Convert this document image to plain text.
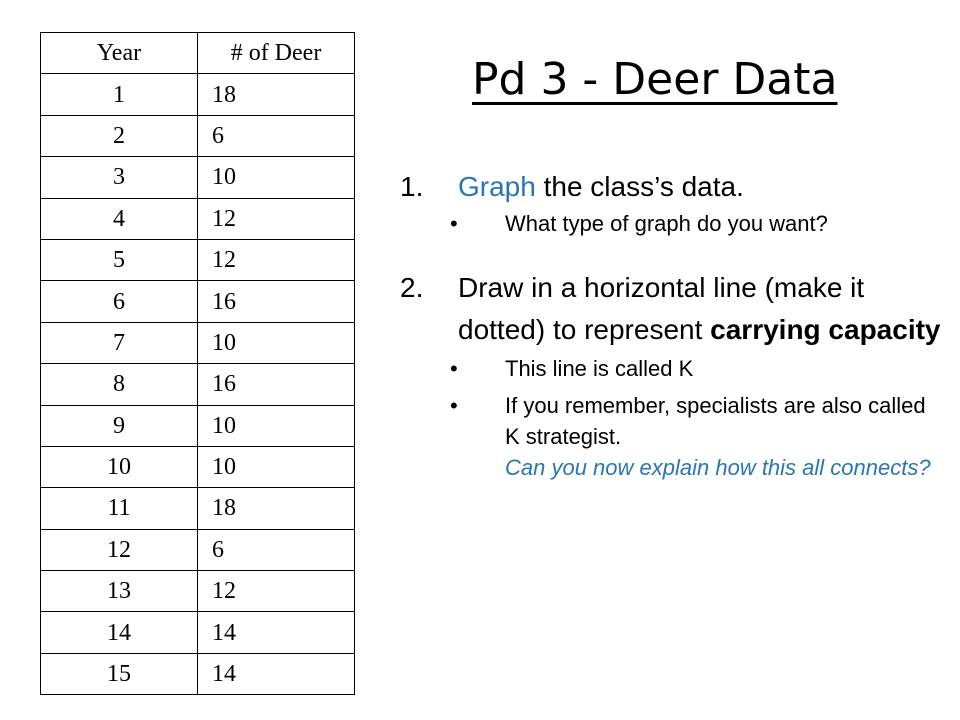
Year	# of Deer
1	18
2	6
3	10
4	12
5	12
6	16
7	10
8	16
9	10
10	10
11	18
12	6
13	12
14	14
15	14
Pd 3 - Deer Data
1. Graph the class’s data.
• What type of graph do you want?
2. Draw in a horizontal line (make it dotted) to represent carrying capacity
• This line is called K
• If you remember, specialists are also called K strategist.
Can you now explain how this all connects?
